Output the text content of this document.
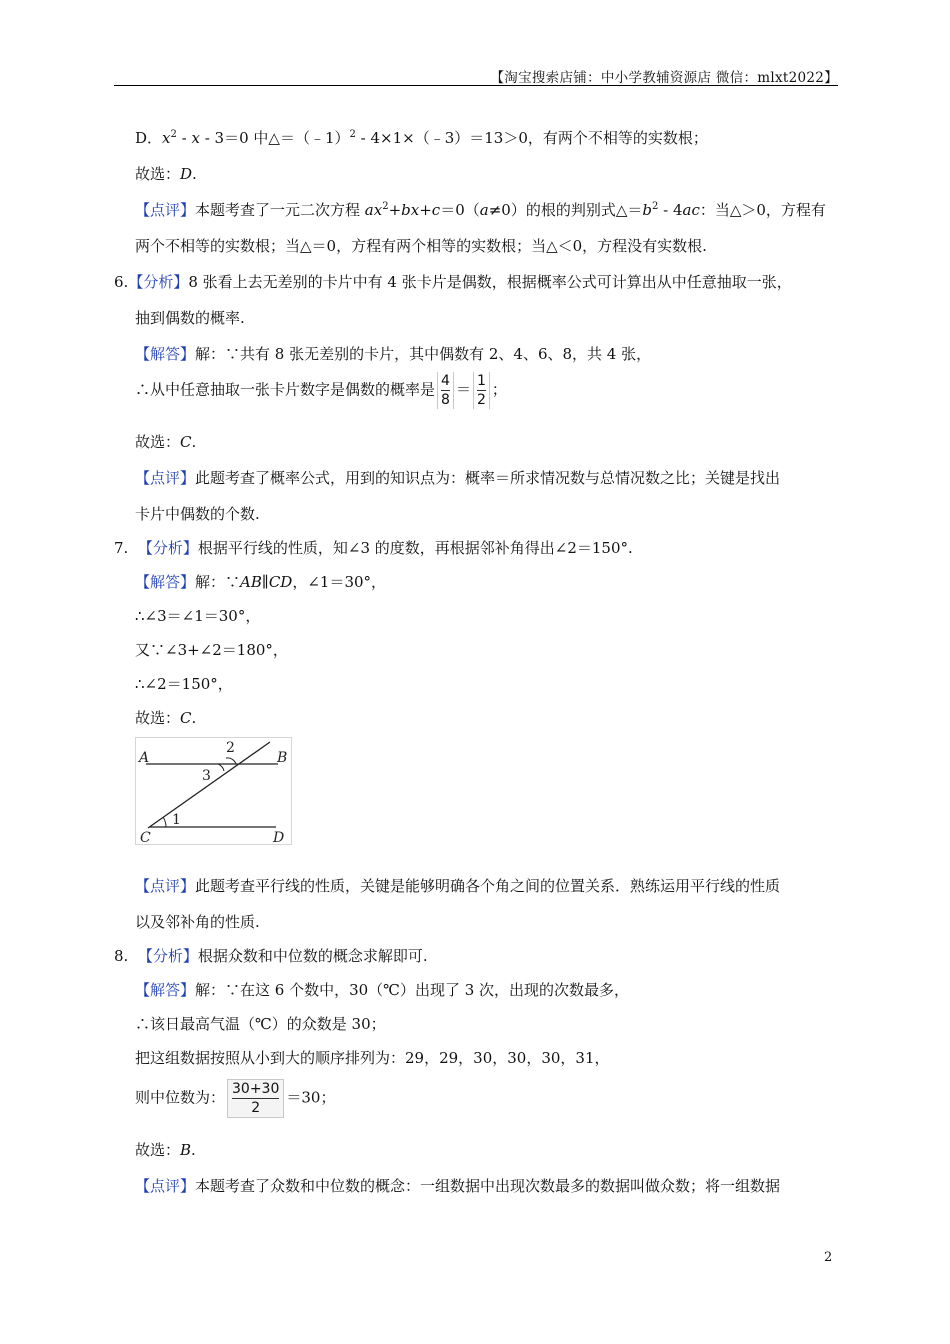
【淘宝搜索店铺：中小学教辅资源店 微信：mlxt2022】
D．$x^2 - x - 3=0$ 中△＝（﹣1）$^2$ - 4×1×（﹣3）＝13＞0，有两个不相等的实数根；
故选：D.
【点评】本题考查了一元二次方程 $ax^2+bx+c=0(a\ne 0)$的根的判别式$\triangle=b^2 - 4ac$：当△＞0，方程有
两个不相等的实数根；当△＝0，方程有两个相等的实数根；当△＜0，方程没有实数根.
6.【分析】8 张看上去无差别的卡片中有 4 张卡片是偶数，根据概率公式可计算出从中任意抽取一张，
抽到偶数的概率.
【解答】解：∵共有 8 张无差别的卡片，其中偶数有 2、4、6、8，共 4 张，
∴从中任意抽取一张卡片数字是偶数的概率是 $\frac{4}{8} = \frac{1}{2}$ ；
故选：C.
【点评】此题考查了概率公式，用到的知识点为：概率＝所求情况数与总情况数之比；关键是找出
卡片中偶数的个数.
7. 【分析】根据平行线的性质，知∠3 的度数，再根据邻补角得出∠2＝150°.
【解答】解：∵AB∥CD，∠1＝30°，
∴∠3＝∠1＝30°，
又∵∠3+∠2＝180°，
∴∠2＝150°，
故选：C.
A	B
C	D
1
2
3
【点评】此题考查平行线的性质，关键是能够明确各个角之间的位置关系．熟练运用平行线的性质
以及邻补角的性质.
8. 【分析】根据众数和中位数的概念求解即可.
【解答】解：∵在这 6 个数中，30（℃）出现了 3 次，出现的次数最多，
∴该日最高气温（℃）的众数是 30；
把这组数据按照从小到大的顺序排列为：29，29，30，30，30，31，
则中位数为： $\frac{30+30}{2} =30$；
故选：B.
【点评】本题考查了众数和中位数的概念：一组数据中出现次数最多的数据叫做众数；将一组数据
2
